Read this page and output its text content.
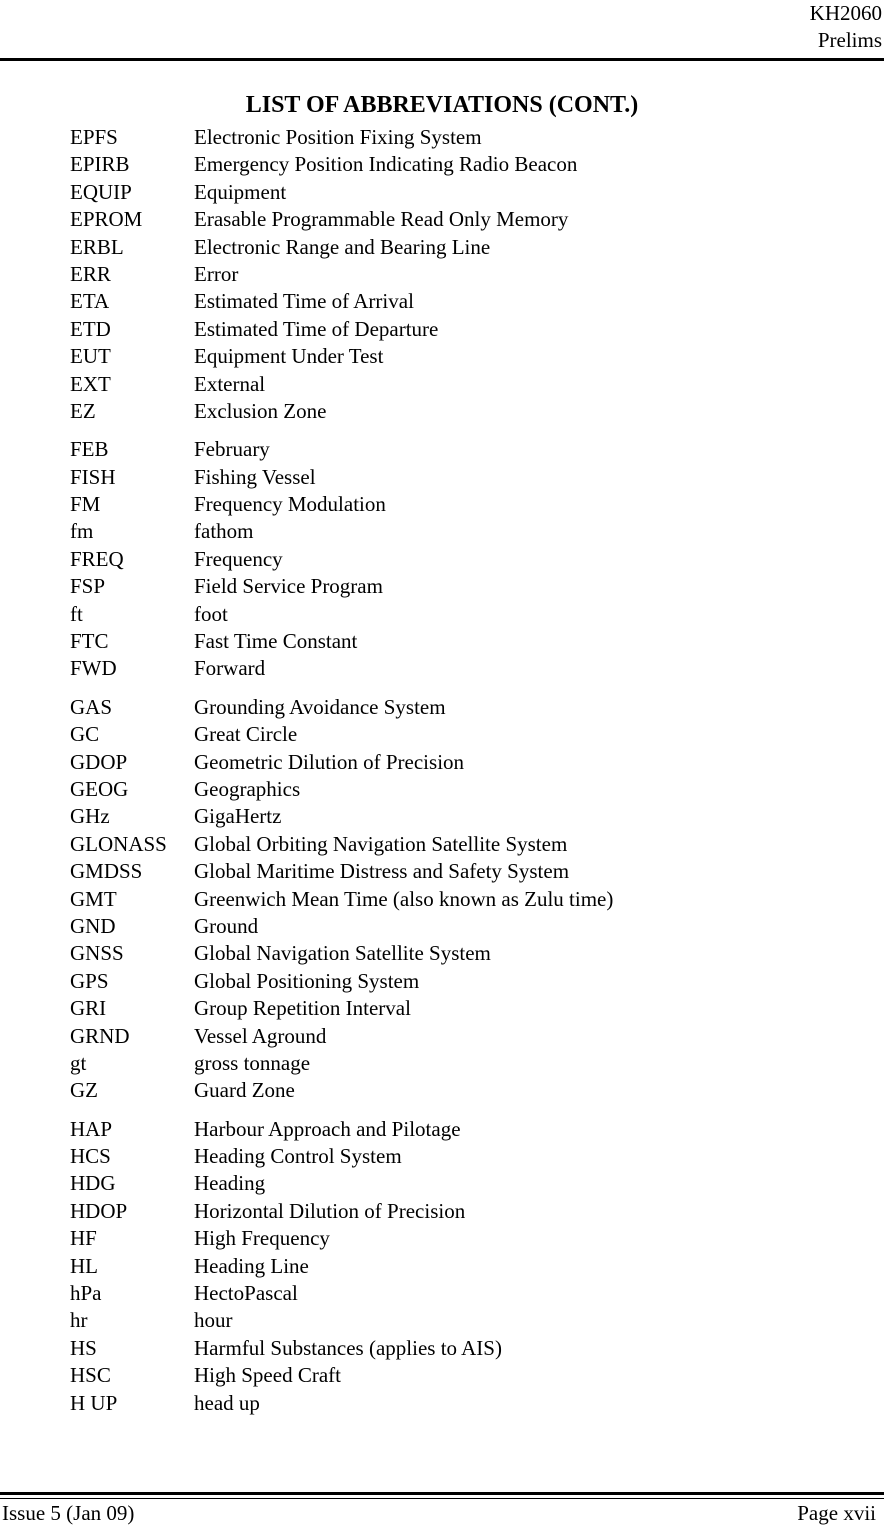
KH2060
Prelims
LIST OF ABBREVIATIONS (CONT.)
EPFS	Electronic Position Fixing System
EPIRB	Emergency Position Indicating Radio Beacon
EQUIP	Equipment
EPROM	Erasable Programmable Read Only Memory
ERBL	Electronic Range and Bearing Line
ERR	Error
ETA	Estimated Time of Arrival
ETD	Estimated Time of Departure
EUT	Equipment Under Test
EXT	External
EZ	Exclusion Zone
FEB	February
FISH	Fishing Vessel
FM	Frequency Modulation
fm	fathom
FREQ	Frequency
FSP	Field Service Program
ft	foot
FTC	Fast Time Constant
FWD	Forward
GAS	Grounding Avoidance System
GC	Great Circle
GDOP	Geometric Dilution of Precision
GEOG	Geographics
GHz	GigaHertz
GLONASS	Global Orbiting Navigation Satellite System
GMDSS	Global Maritime Distress and Safety System
GMT	Greenwich Mean Time (also known as Zulu time)
GND	Ground
GNSS	Global Navigation Satellite System
GPS	Global Positioning System
GRI	Group Repetition Interval
GRND	Vessel Aground
gt	gross tonnage
GZ	Guard Zone
HAP	Harbour Approach and Pilotage
HCS	Heading Control System
HDG	Heading
HDOP	Horizontal Dilution of Precision
HF	High Frequency
HL	Heading Line
hPa	HectoPascal
hr	hour
HS	Harmful Substances (applies to AIS)
HSC	High Speed Craft
H UP	head up
Issue 5 (Jan 09)	Page xvii
